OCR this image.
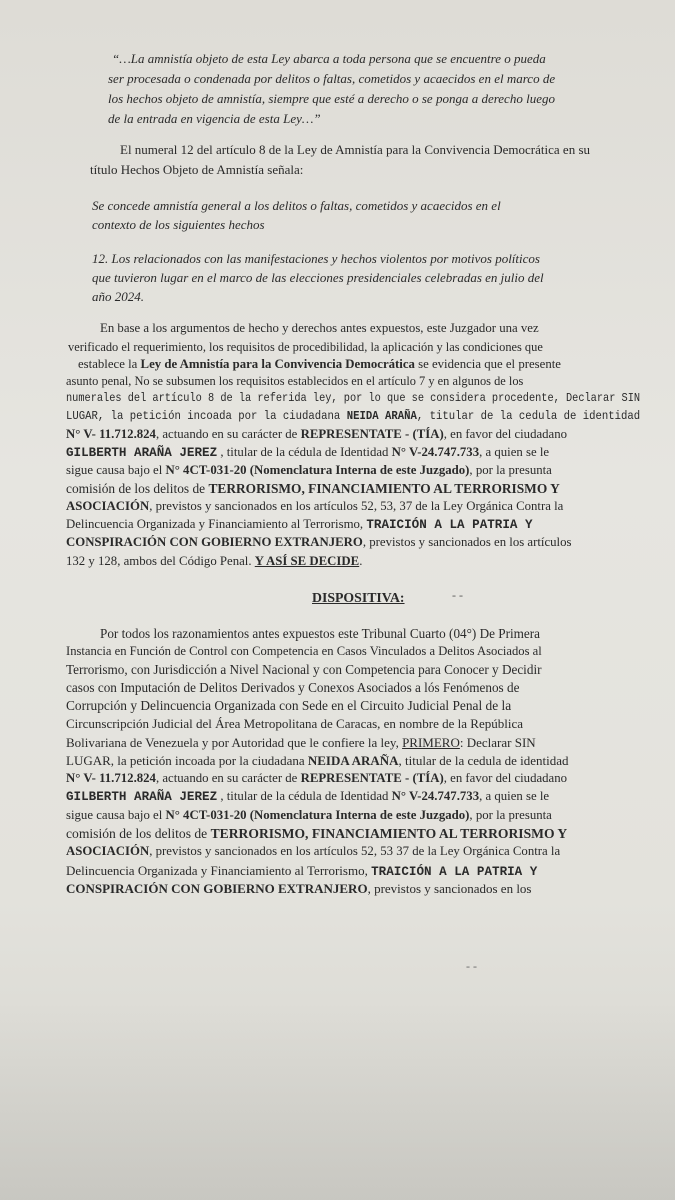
“…La amnistía objeto de esta Ley abarca a toda persona que se encuentre o pueda
ser procesada o condenada por delitos o faltas, cometidos y acaecidos en el marco de
los hechos objeto de amnistía, siempre que esté a derecho o se ponga a derecho luego
de la entrada en vigencia de esta Ley…”
El numeral 12 del artículo 8 de la Ley de Amnistía para la Convivencia Democrática en su
título Hechos Objeto de Amnistía señala:
Se concede amnistía general a los delitos o faltas, cometidos y acaecidos en el
contexto de los siguientes hechos
12. Los relacionados con las manifestaciones y hechos violentos por motivos políticos
que tuvieron lugar en el marco de las elecciones presidenciales celebradas en julio del
año 2024.
En base a los argumentos de hecho y derechos antes expuestos, este Juzgador una vez
verificado el requerimiento, los requisitos de procedibilidad, la aplicación y las condiciones que
establece la Ley de Amnistía para la Convivencia Democrática se evidencia que el presente
asunto penal, No se subsumen los requisitos establecidos en el artículo 7 y en algunos de los
numerales del artículo 8 de la referida ley, por lo que se considera procedente, Declarar SIN
LUGAR, la petición incoada por la ciudadana NEIDA ARAÑA, titular de la cedula de identidad
N° V- 11.712.824, actuando en su carácter de REPRESENTATE - (TÍA), en favor del ciudadano
GILBERTH ARAÑA JEREZ , titular de la cédula de Identidad N° V-24.747.733, a quien se le
sigue causa bajo el N° 4CT-031-20 (Nomenclatura Interna de este Juzgado), por la presunta
comisión de los delitos de TERRORISMO, FINANCIAMIENTO AL TERRORISMO Y
ASOCIACIÓN, previstos y sancionados en los artículos 52, 53, 37 de la Ley Orgánica Contra la
Delincuencia Organizada y Financiamiento al Terrorismo, TRAICIÓN A LA PATRIA Y
CONSPIRACIÓN CON GOBIERNO EXTRANJERO, previstos y sancionados en los artículos
132 y 128, ambos del Código Penal. Y ASÍ SE DECIDE.
DISPOSITIVA:	- -
Por todos los razonamientos antes expuestos este Tribunal Cuarto (04°) De Primera
Instancia en Función de Control con Competencia en Casos Vinculados a Delitos Asociados al
Terrorismo, con Jurisdicción a Nivel Nacional y con Competencia para Conocer y Decidir
casos con Imputación de Delitos Derivados y Conexos Asociados a lós Fenómenos de
Corrupción y Delincuencia Organizada con Sede en el Circuito Judicial Penal de la
Circunscripción Judicial del Área Metropolitana de Caracas, en nombre de la República
Bolivariana de Venezuela y por Autoridad que le confiere la ley, PRIMERO: Declarar SIN
LUGAR, la petición incoada por la ciudadana NEIDA ARAÑA, titular de la cedula de identidad
N° V- 11.712.824, actuando en su carácter de REPRESENTATE - (TÍA), en favor del ciudadano
GILBERTH ARAÑA JEREZ , titular de la cédula de Identidad N° V-24.747.733, a quien se le
sigue causa bajo el N° 4CT-031-20 (Nomenclatura Interna de este Juzgado), por la presunta
comisión de los delitos de TERRORISMO, FINANCIAMIENTO AL TERRORISMO Y
ASOCIACIÓN, previstos y sancionados en los artículos 52, 53 37 de la Ley Orgánica Contra la
Delincuencia Organizada y Financiamiento al Terrorismo, TRAICIÓN A LA PATRIA Y
CONSPIRACIÓN CON GOBIERNO EXTRANJERO, previstos y sancionados en los
- -
